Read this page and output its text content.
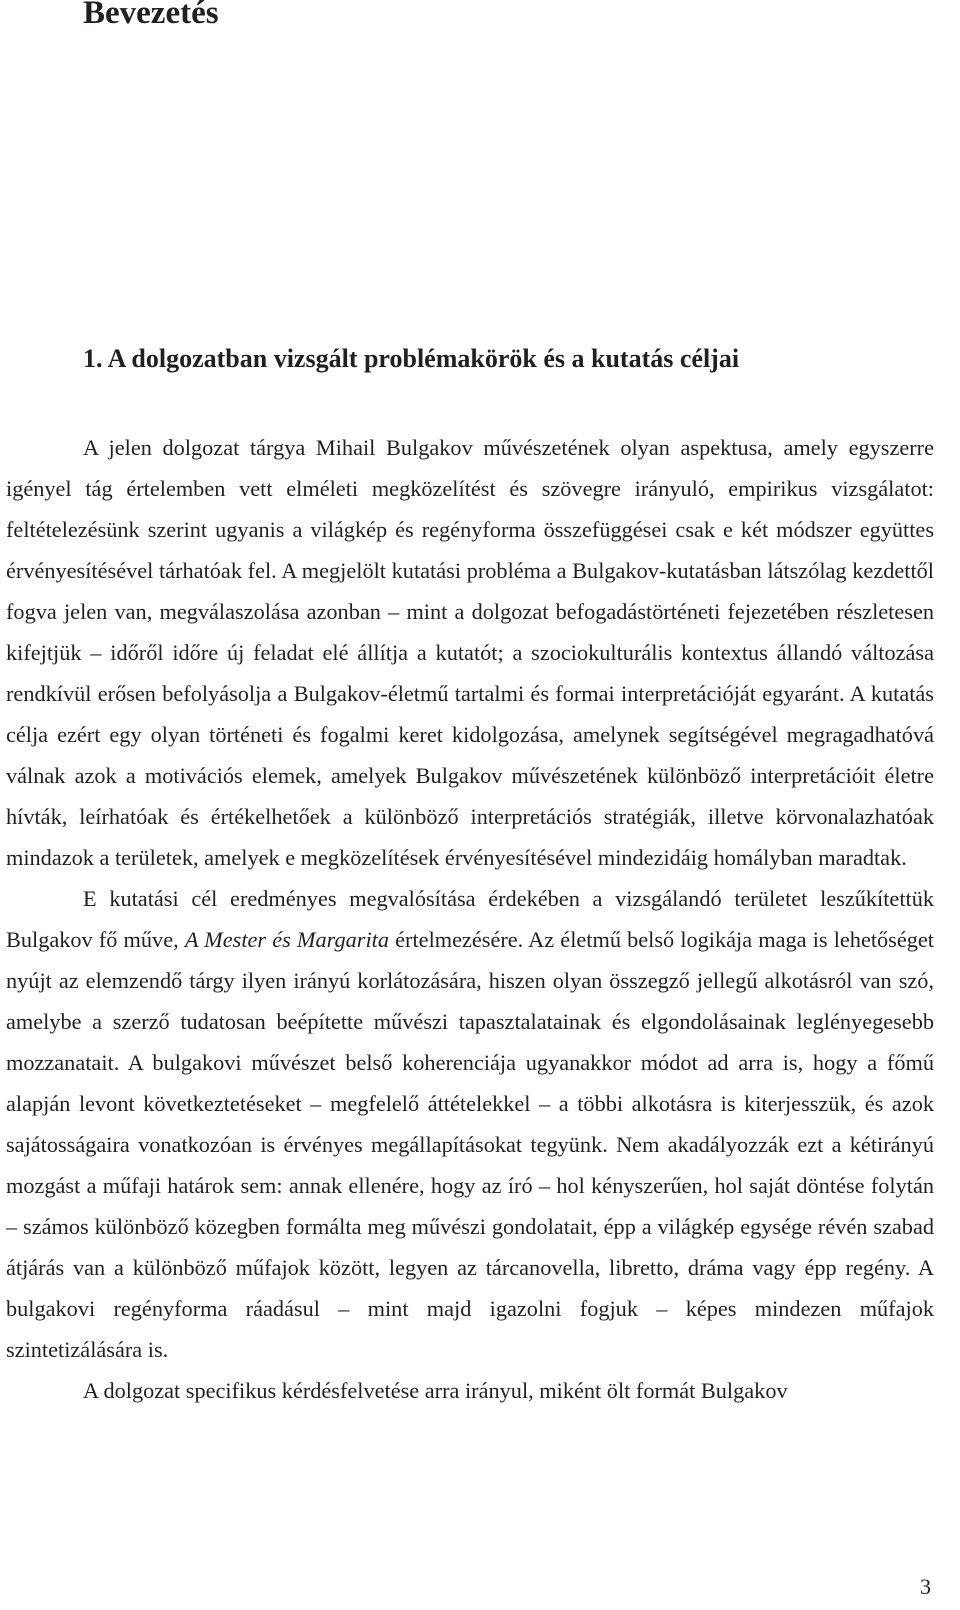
Bevezetés
1. A dolgozatban vizsgált problémakörök és a kutatás céljai

A jelen dolgozat tárgya Mihail Bulgakov művészetének olyan aspektusa, amely egyszerre igényel tág értelemben vett elméleti megközelítést és szövegre irányuló, empirikus vizsgálatot: feltételezésünk szerint ugyanis a világkép és regényforma összefüggései csak e két módszer együttes érvényesítésével tárhatóak fel. A megjelölt kutatási probléma a Bulgakov-kutatásban látszólag kezdettől fogva jelen van, megválaszolása azonban – mint a dolgozat befogadástörténeti fejezetében részletesen kifejtjük – időről időre új feladat elé állítja a kutatót; a szociokulturális kontextus állandó változása rendkívül erősen befolyásolja a Bulgakov-életmű tartalmi és formai interpretációját egyaránt. A kutatás célja ezért egy olyan történeti és fogalmi keret kidolgozása, amelynek segítségével megragadhatóvá válnak azok a motivációs elemek, amelyek Bulgakov művészetének különböző interpretációit életre hívták, leírhatóak és értékelhetőek a különböző interpretációs stratégiák, illetve körvonalazhatóak mindazok a területek, amelyek e megközelítések érvényesítésével mindezidáig homályban maradtak.

E kutatási cél eredményes megvalósítása érdekében a vizsgálandó területet leszűkítettük Bulgakov fő műve, A Mester és Margarita értelmezésére. Az életmű belső logikája maga is lehetőséget nyújt az elemzendő tárgy ilyen irányú korlátozására, hiszen olyan összegző jellegű alkotásról van szó, amelybe a szerző tudatosan beépítette művészi tapasztalatainak és elgondolásainak leglényegesebb mozzanatait. A bulgakovi művészet belső koherenciája ugyanakkor módot ad arra is, hogy a főmű alapján levont következtetéseket – megfelelő áttételekkel – a többi alkotásra is kiterjesszük, és azok sajátosságaira vonatkozóan is érvényes megállapításokat tegyünk. Nem akadályozzák ezt a kétirányú mozgást a műfaji határok sem: annak ellenére, hogy az író – hol kényszerűen, hol saját döntése folytán – számos különböző közegben formálta meg művészi gondolatait, épp a világkép egysége révén szabad átjárás van a különböző műfajok között, legyen az tárcanovella, libretto, dráma vagy épp regény. A bulgakovi regényforma ráadásul – mint majd igazolni fogjuk – képes mindezen műfajok szintetizálására is.

A dolgozat specifikus kérdésfelvetése arra irányul, miként ölt formát Bulgakov

3
